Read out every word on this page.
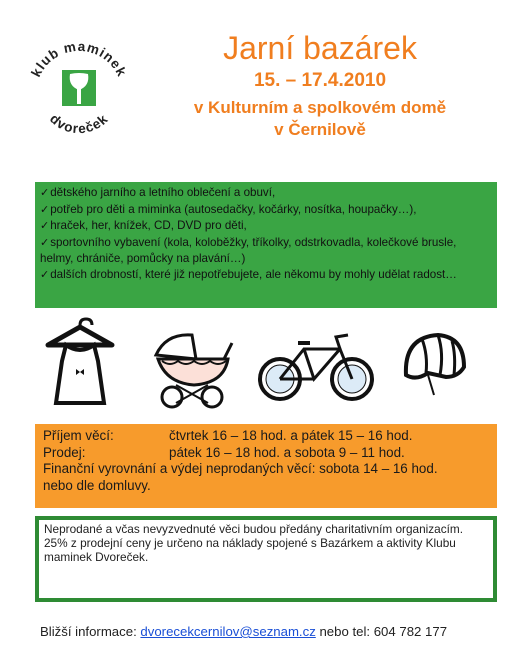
klub maminek
dvoreček
Jarní bazárek
15. – 17.4.2010
v Kulturním a spolkovém domě
v Černilově
✓dětského jarního a letního oblečení a obuví,
✓potřeb pro děti a miminka (autosedačky, kočárky, nosítka, houpačky…),
✓hraček, her, knížek, CD, DVD pro děti,
✓sportovního vybavení (kola, koloběžky, tříkolky, odstrkovadla, kolečkové brusle, helmy, chrániče, pomůcky na plavání…)
✓dalších drobností, které již nepotřebujete, ale někomu by mohly udělat radost…
Příjem věcí:	čtvrtek 16 – 18 hod. a pátek 15 – 16 hod.
Prodej:	pátek 16 – 18 hod. a sobota 9 – 11 hod.
Finanční vyrovnání a výdej neprodaných věcí: sobota 14 – 16 hod.
nebo dle domluvy.
Neprodané a včas nevyzvednuté věci budou předány charitativním organizacím.
25% z prodejní ceny je určeno na náklady spojené s Bazárkem a aktivity Klubu maminek Dvoreček.
Bližší informace: dvorecekcernilov@seznam.cz nebo tel: 604 782 177
